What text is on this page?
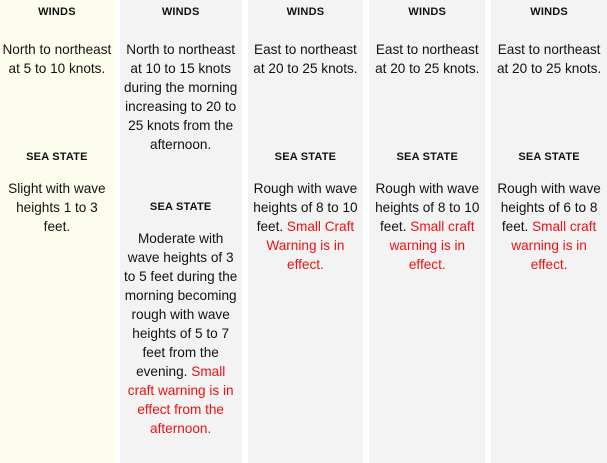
WINDS

North to northeast at 5 to 10 knots.

SEA STATE

Slight with wave heights 1 to 3 feet.

WINDS

North to northeast at 10 to 15 knots during the morning increasing to 20 to 25 knots from the afternoon.

SEA STATE

Moderate with wave heights of 3 to 5 feet during the morning becoming rough with wave heights of 5 to 7 feet from the evening. Small craft warning is in effect from the afternoon.

WINDS

East to northeast at 20 to 25 knots.

SEA STATE

Rough with wave heights of 8 to 10 feet. Small Craft Warning is in effect.

WINDS

East to northeast at 20 to 25 knots.

SEA STATE

Rough with wave heights of 8 to 10 feet. Small craft warning is in effect.

WINDS

East to northeast at 20 to 25 knots.

SEA STATE

Rough with wave heights of 6 to 8 feet. Small craft warning is in effect.
